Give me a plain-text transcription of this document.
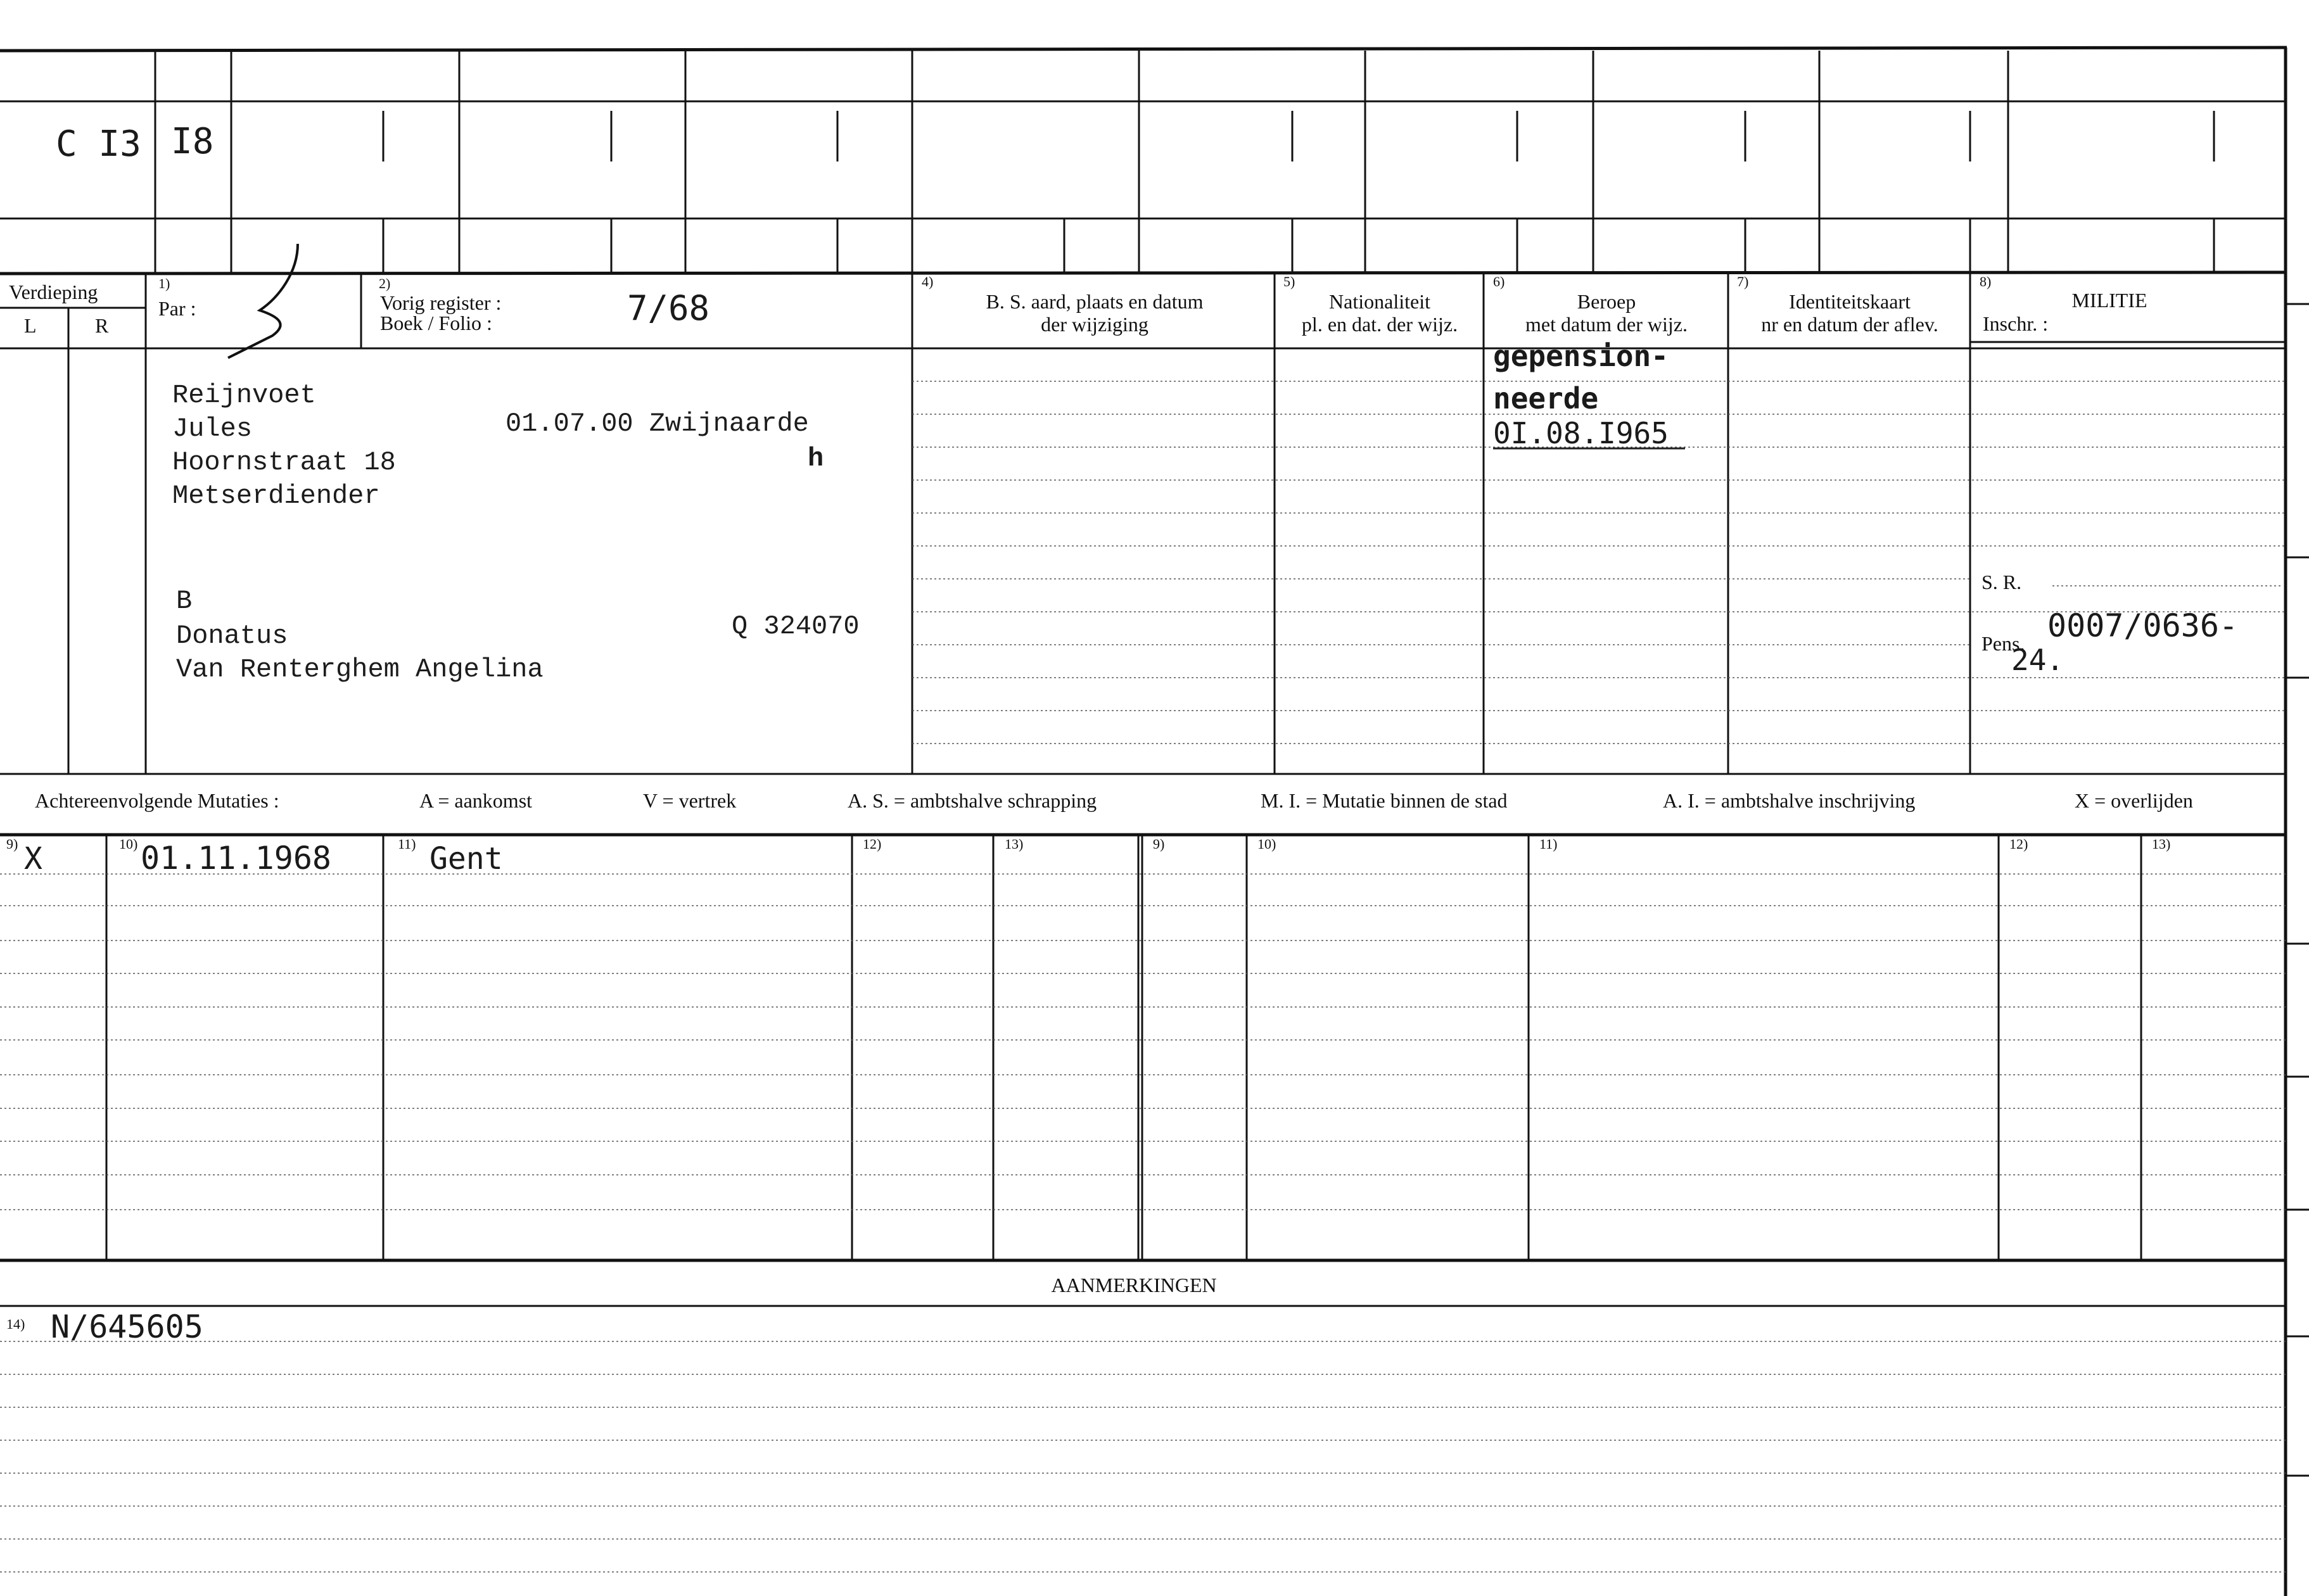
C I3 I8
Verdieping
L	R
1)
Par :
2)
Vorig register :
Boek / Folio :	7/68
4)
B. S. aard, plaats en datum
der wijziging
5)
Nationaliteit
pl. en dat. der wijz.
6)
Beroep
met datum der wijz.
7)
Identiteitskaart
nr en datum der aflev.
8)
MILITIE
Inschr. :
Reijnvoet
Jules
Hoornstraat 18
Metserdiender
01.07.00 Zwijnaarde
h
B
Donatus
Van Renterghem Angelina
Q 324070
gepension-
neerde
0I.08.I965
S. R.
Pens. 0007/0636-
24.
Achtereenvolgende Mutaties :	A = aankomst	V = vertrek	A. S. = ambtshalve schrapping	M. I. = Mutatie binnen de stad	A. I. = ambtshalve inschrijving	X = overlijden
9)	10)	11)	12)	13)	9)	10)	11)	12)	13)
X	01.11.1968	Gent
AANMERKINGEN
14) N/645605
